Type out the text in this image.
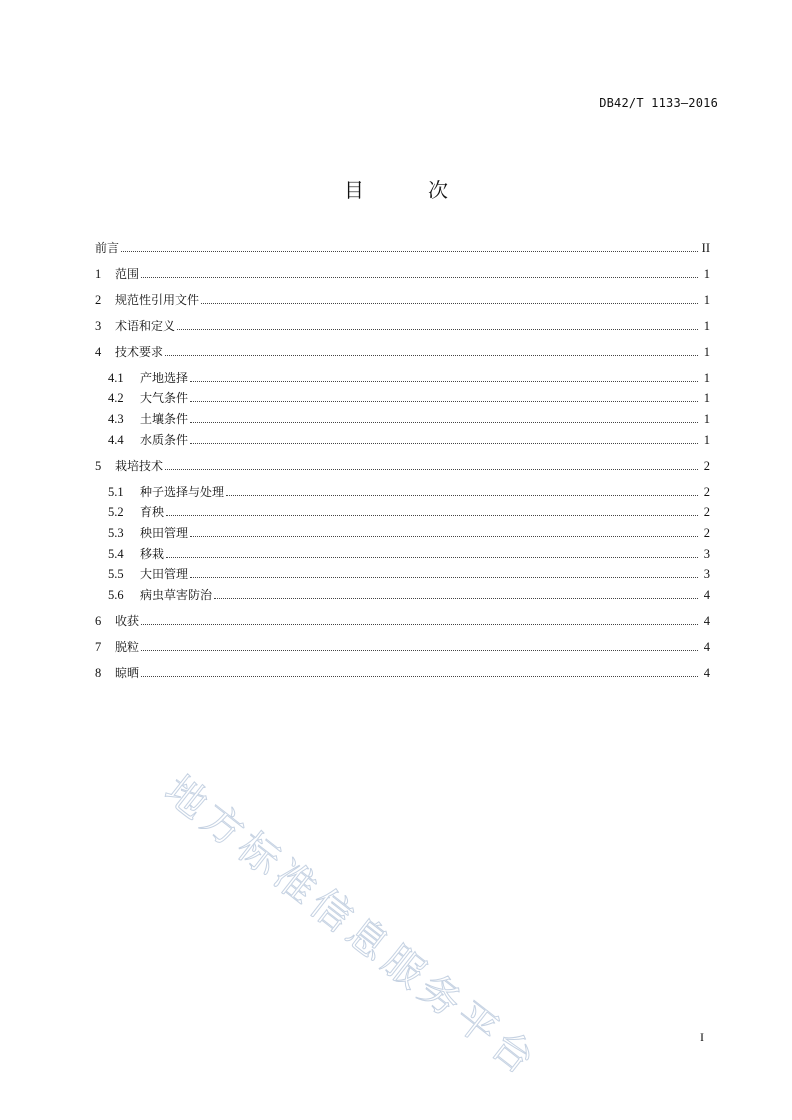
DB42/T 1133—2016
目　次
前言	II
1	范围	1
2	规范性引用文件	1
3	术语和定义	1
4	技术要求	1
4.1	产地选择	1
4.2	大气条件	1
4.3	土壤条件	1
4.4	水质条件	1
5	栽培技术	2
5.1	种子选择与处理	2
5.2	育秧	2
5.3	秧田管理	2
5.4	移栽	3
5.5	大田管理	3
5.6	病虫草害防治	4
6	收获	4
7	脱粒	4
8	晾晒	4
I
地方标准信息服务平台
